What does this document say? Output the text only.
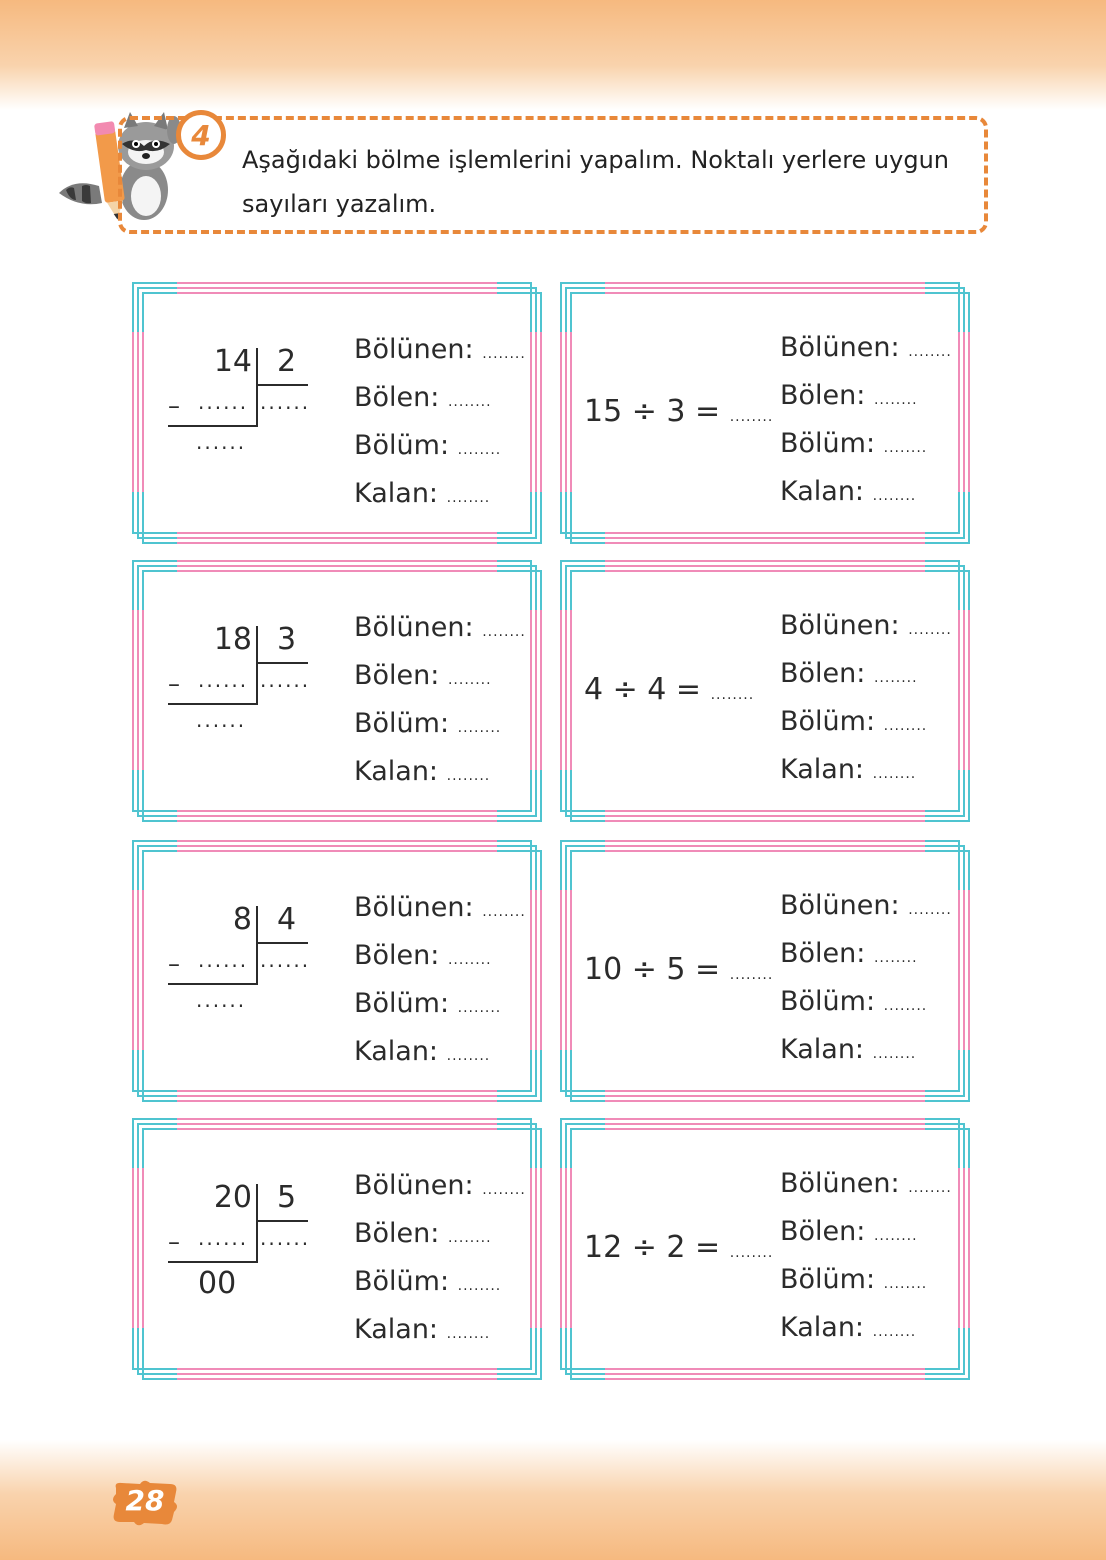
4
Aşağıdaki bölme işlemlerini yapalım. Noktalı yerlere uygun sayıları yazalım.
14 2
– ...... ......
......
Bölünen: ........
Bölen: ........
Bölüm: ........
Kalan: ........
18 3
– ...... ......
......
Bölünen: ........
Bölen: ........
Bölüm: ........
Kalan: ........
8 4
– ...... ......
......
Bölünen: ........
Bölen: ........
Bölüm: ........
Kalan: ........
20 5
– ...... ......
00
Bölünen: ........
Bölen: ........
Bölüm: ........
Kalan: ........
15 ÷ 3 = ........
Bölünen: ........
Bölen: ........
Bölüm: ........
Kalan: ........
4 ÷ 4 = ........
Bölünen: ........
Bölen: ........
Bölüm: ........
Kalan: ........
10 ÷ 5 = ........
Bölünen: ........
Bölen: ........
Bölüm: ........
Kalan: ........
12 ÷ 2 = ........
Bölünen: ........
Bölen: ........
Bölüm: ........
Kalan: ........
28
